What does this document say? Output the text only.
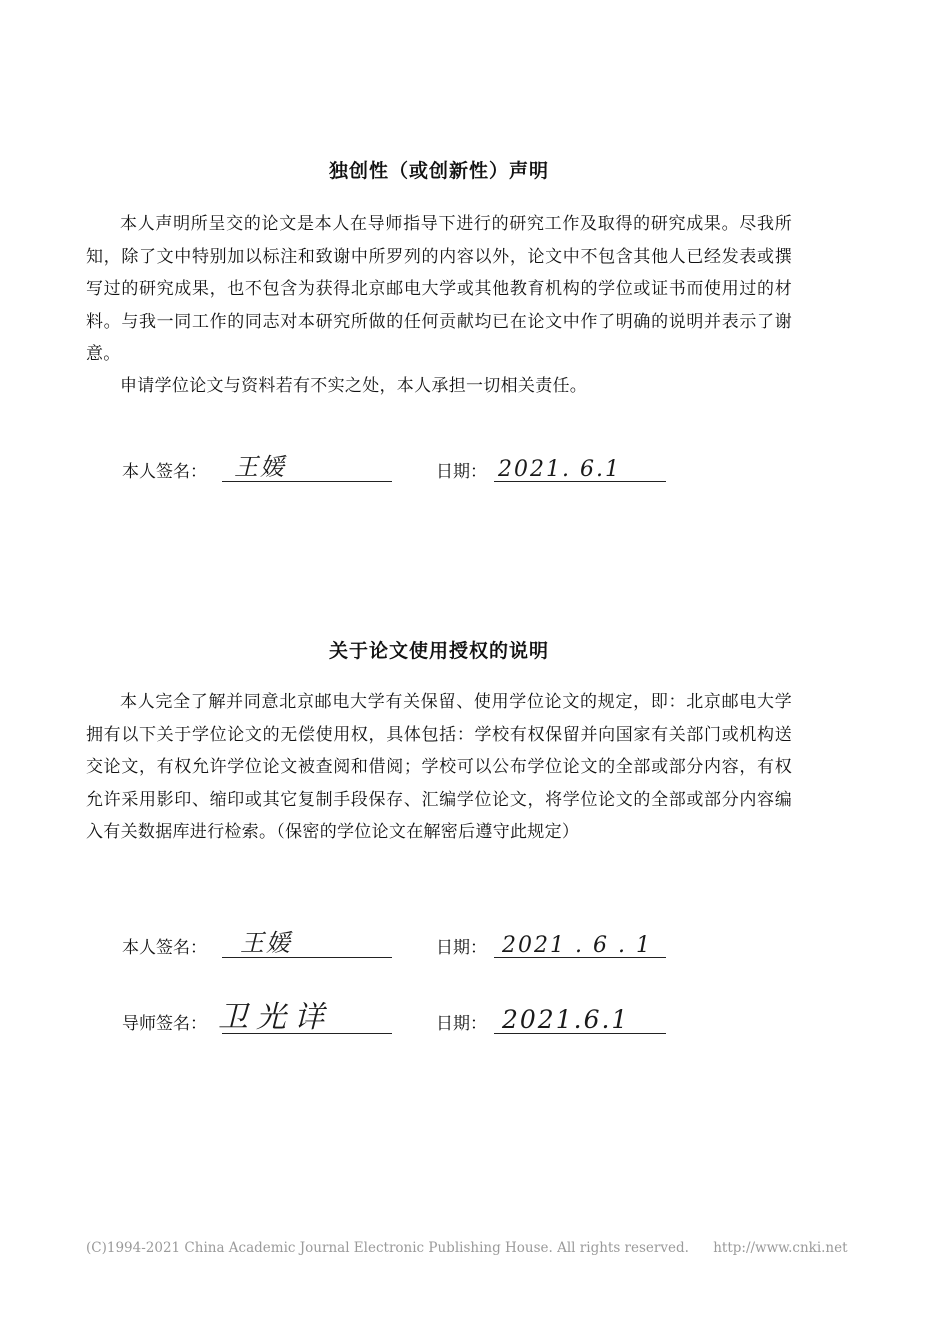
独创性（或创新性）声明
本人声明所呈交的论文是本人在导师指导下进行的研究工作及取得的研究成果。尽我所知，除了文中特别加以标注和致谢中所罗列的内容以外，论文中不包含其他人已经发表或撰写过的研究成果，也不包含为获得北京邮电大学或其他教育机构的学位或证书而使用过的材料。与我一同工作的同志对本研究所做的任何贡献均已在论文中作了明确的说明并表示了谢意。
申请学位论文与资料若有不实之处，本人承担一切相关责任。
本人签名： 王媛	日期： 2021. 6.1
关于论文使用授权的说明
本人完全了解并同意北京邮电大学有关保留、使用学位论文的规定，即：北京邮电大学拥有以下关于学位论文的无偿使用权，具体包括：学校有权保留并向国家有关部门或机构送交论文，有权允许学位论文被查阅和借阅；学校可以公布学位论文的全部或部分内容，有权允许采用影印、缩印或其它复制手段保存、汇编学位论文，将学位论文的全部或部分内容编入有关数据库进行检索。（保密的学位论文在解密后遵守此规定）
本人签名： 王媛	日期： 2021 . 6 . 1
导师签名： 卫光详	日期： 2021.6.1
(C)1994-2021 China Academic Journal Electronic Publishing House. All rights reserved. http://www.cnki.net
